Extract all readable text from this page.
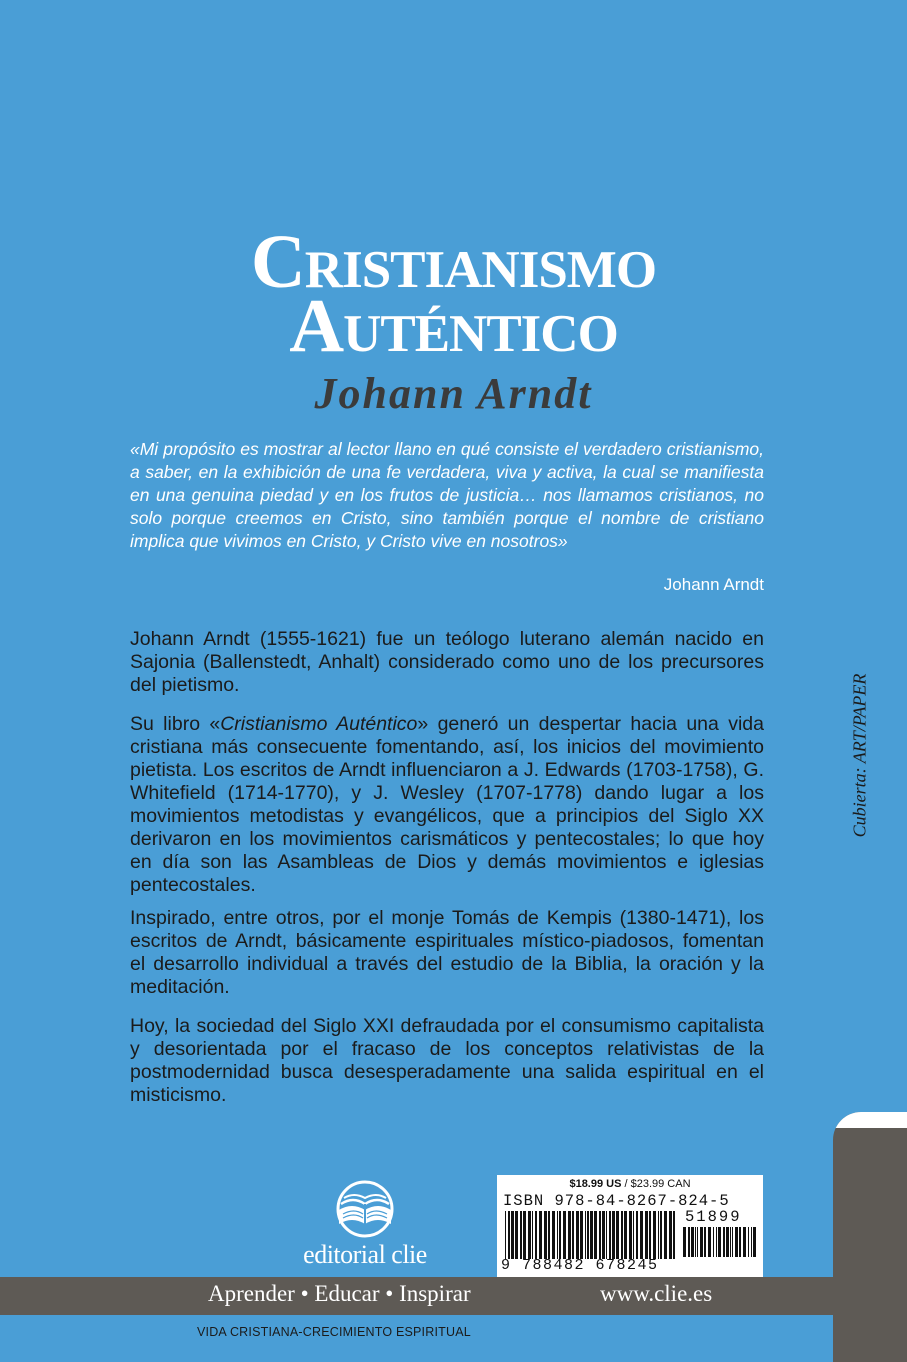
Cristianismo
Auténtico
Johann Arndt
«Mi propósito es mostrar al lector llano en qué consiste el verdadero cristianismo, a saber, en la exhibición de una fe verdadera, viva y activa, la cual se manifiesta en una genuina piedad y en los frutos de justicia… nos llamamos cristianos, no solo porque creemos en Cristo, sino también porque el nombre de cristiano implica que vivimos en Cristo, y Cristo vive en nosotros»
Johann Arndt
Johann Arndt (1555-1621) fue un teólogo luterano alemán nacido en Sajonia (Ballenstedt, Anhalt) considerado como uno de los precursores del pietismo.
Su libro «Cristianismo Auténtico» generó un despertar hacia una vida cristiana más consecuente fomentando, así, los inicios del movimiento pietista. Los escritos de Arndt influenciaron a J. Edwards (1703-1758), G. Whitefield (1714-1770), y J. Wesley (1707-1778) dando lugar a los movimientos metodistas y evangélicos, que a principios del Siglo XX derivaron en los movimientos carismáticos y pentecostales; lo que hoy en día son las Asambleas de Dios y demás movimientos e iglesias pentecostales.
Inspirado, entre otros, por el monje Tomás de Kempis (1380-1471), los escritos de Arndt, básicamente espirituales místico-piadosos, fomentan el desarrollo individual a través del estudio de la Biblia, la oración y la meditación.
Hoy, la sociedad del Siglo XXI defraudada por el consumismo capitalista y desorientada por el fracaso de los conceptos relativistas de la postmodernidad busca desesperadamente una salida espiritual en el misticismo.
Cubierta: ART/PAPER
editorial clie
$18.99 US / $23.99 CAN
ISBN 978-84-8267-824-5
51899
9 788482 678245
Aprender • Educar • Inspirar	www.clie.es
VIDA CRISTIANA-CRECIMIENTO ESPIRITUAL
